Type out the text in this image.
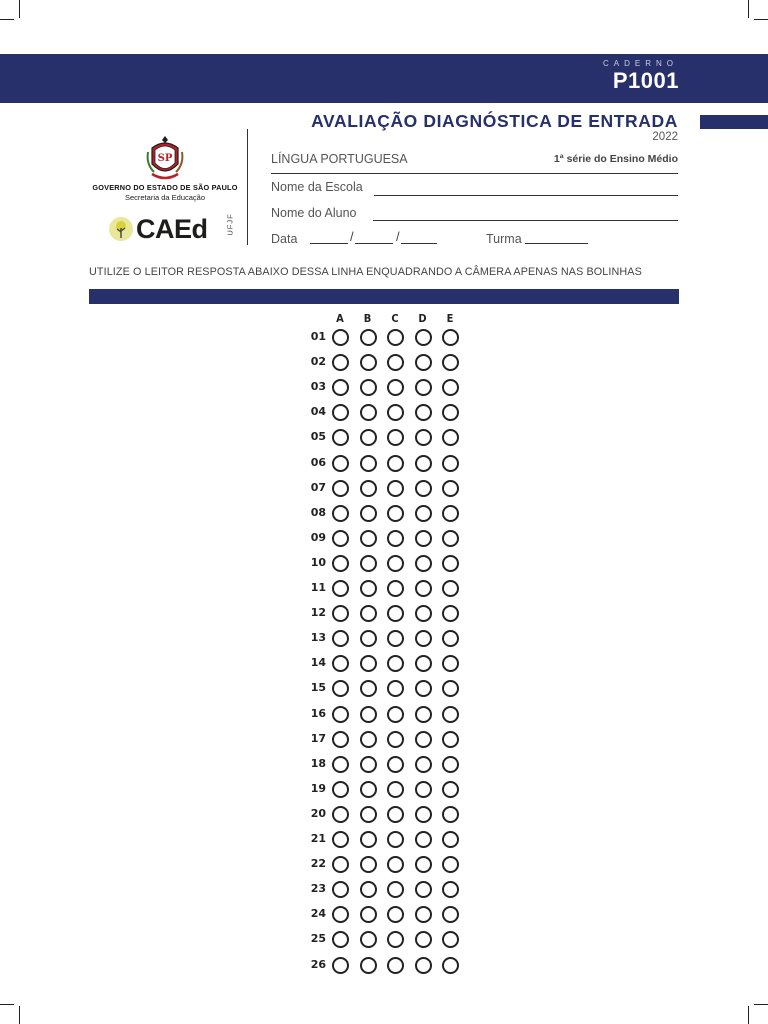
CADERNO
P1001
AVALIAÇÃO DIAGNÓSTICA DE ENTRADA
2022
SP
GOVERNO DO ESTADO DE SÃO PAULO
Secretaria da Educação
CAEd UFJF
LÍNGUA PORTUGUESA	1ª série do Ensino Médio
Nome da Escola
Nome do Aluno
Data	/	/	Turma
UTILIZE O LEITOR RESPOSTA ABAIXO DESSA LINHA ENQUADRANDO A CÂMERA APENAS NAS BOLINHAS
A	B	C	D	E
01
02
03
04
05
06
07
08
09
10
11
12
13
14
15
16
17
18
19
20
21
22
23
24
25
26
